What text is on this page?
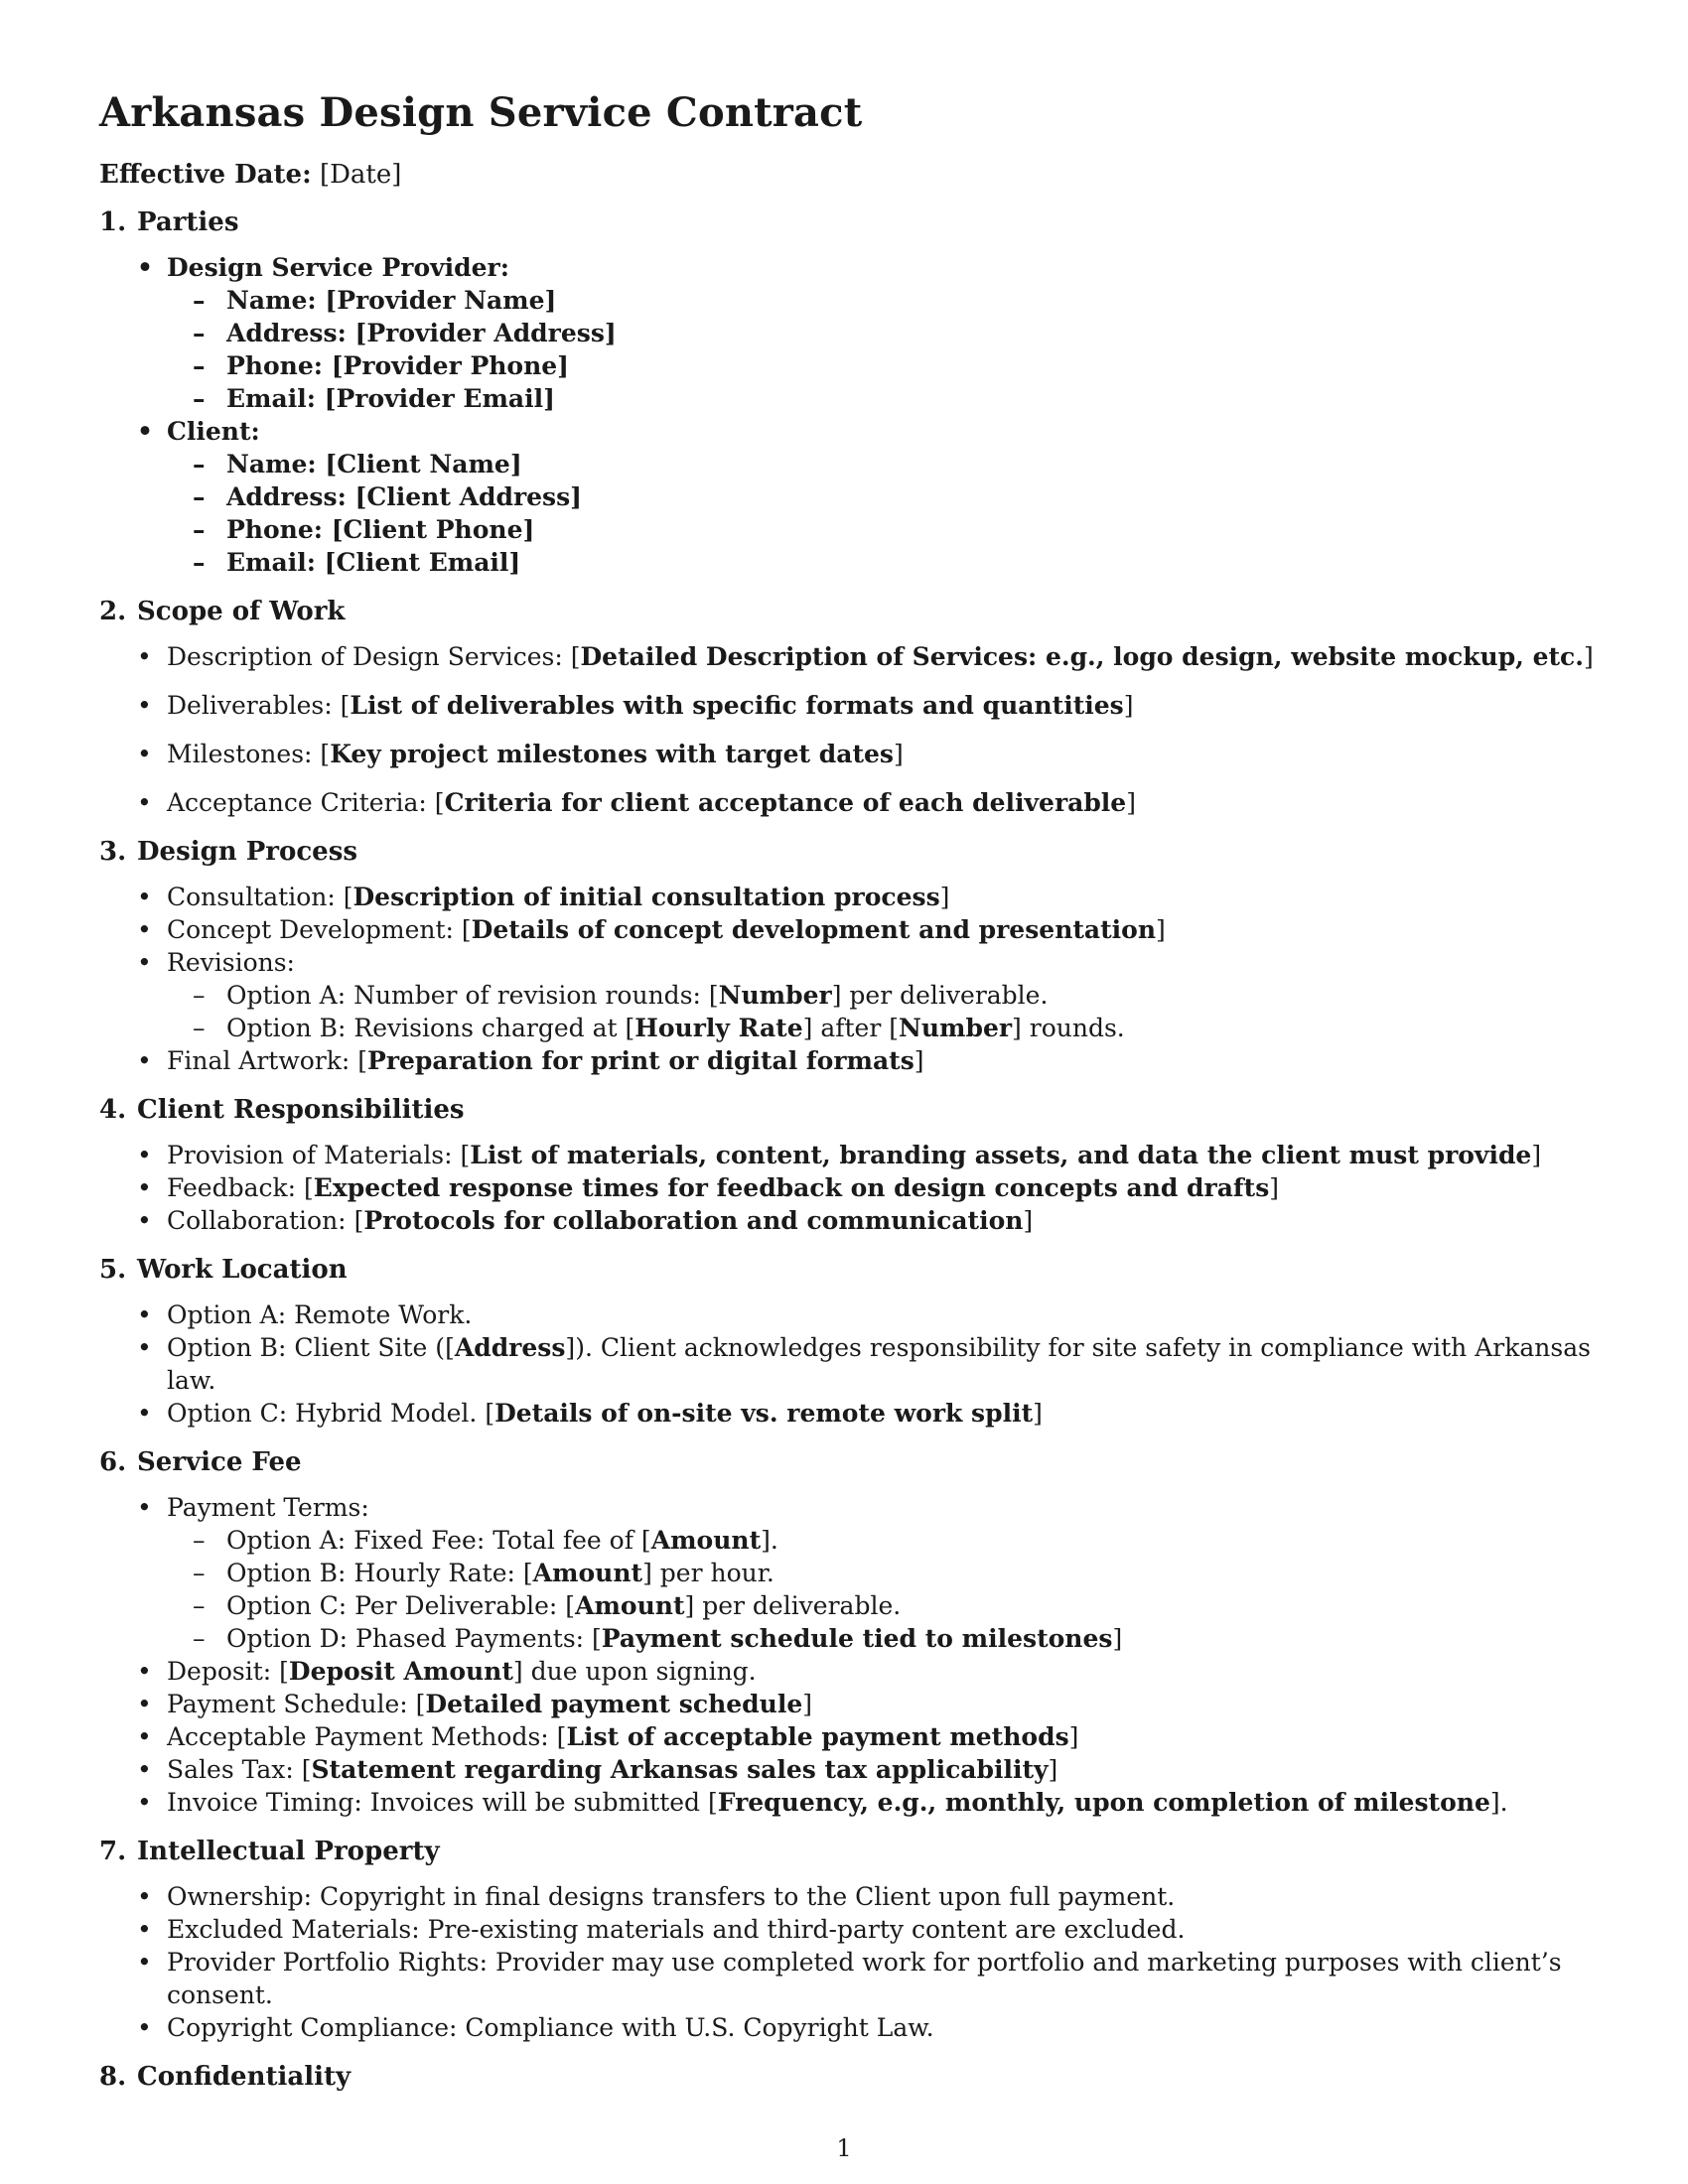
Arkansas Design Service Contract
Effective Date: [Date]
1. Parties
• Design Service Provider:
– Name: [Provider Name]
– Address: [Provider Address]
– Phone: [Provider Phone]
– Email: [Provider Email]
• Client:
– Name: [Client Name]
– Address: [Client Address]
– Phone: [Client Phone]
– Email: [Client Email]
2. Scope of Work
• Description of Design Services: [Detailed Description of Services: e.g., logo design, website mockup, etc.]
• Deliverables: [List of deliverables with specific formats and quantities]
• Milestones: [Key project milestones with target dates]
• Acceptance Criteria: [Criteria for client acceptance of each deliverable]
3. Design Process
• Consultation: [Description of initial consultation process]
• Concept Development: [Details of concept development and presentation]
• Revisions:
– Option A: Number of revision rounds: [Number] per deliverable.
– Option B: Revisions charged at [Hourly Rate] after [Number] rounds.
• Final Artwork: [Preparation for print or digital formats]
4. Client Responsibilities
• Provision of Materials: [List of materials, content, branding assets, and data the client must provide]
• Feedback: [Expected response times for feedback on design concepts and drafts]
• Collaboration: [Protocols for collaboration and communication]
5. Work Location
• Option A: Remote Work.
• Option B: Client Site ([Address]). Client acknowledges responsibility for site safety in compliance with Arkansas law.
• Option C: Hybrid Model. [Details of on-site vs. remote work split]
6. Service Fee
• Payment Terms:
– Option A: Fixed Fee: Total fee of [Amount].
– Option B: Hourly Rate: [Amount] per hour.
– Option C: Per Deliverable: [Amount] per deliverable.
– Option D: Phased Payments: [Payment schedule tied to milestones]
• Deposit: [Deposit Amount] due upon signing.
• Payment Schedule: [Detailed payment schedule]
• Acceptable Payment Methods: [List of acceptable payment methods]
• Sales Tax: [Statement regarding Arkansas sales tax applicability]
• Invoice Timing: Invoices will be submitted [Frequency, e.g., monthly, upon completion of milestone].
7. Intellectual Property
• Ownership: Copyright in final designs transfers to the Client upon full payment.
• Excluded Materials: Pre-existing materials and third-party content are excluded.
• Provider Portfolio Rights: Provider may use completed work for portfolio and marketing purposes with client’s consent.
• Copyright Compliance: Compliance with U.S. Copyright Law.
8. Confidentiality
1
